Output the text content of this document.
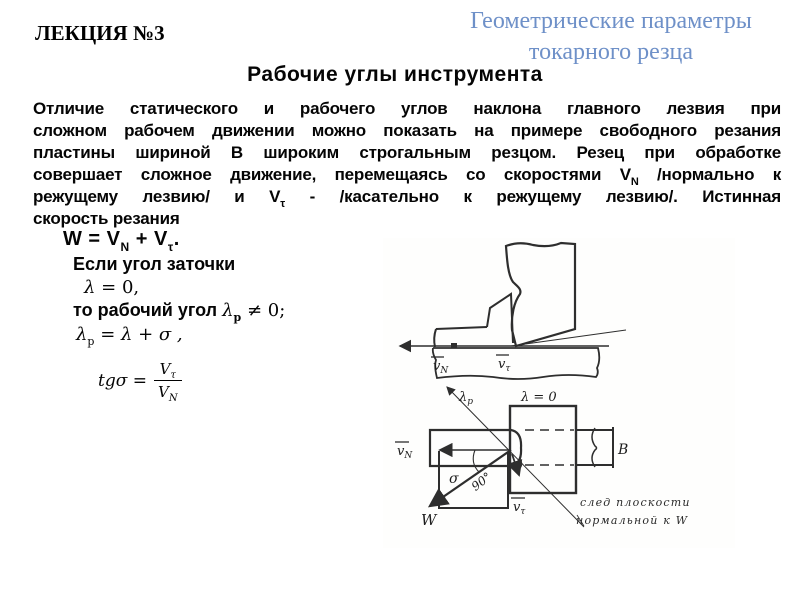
ЛЕКЦИЯ №3	Геометрические параметры
токарного резца
Рабочие углы инструмента
Отличие статического и рабочего углов наклона главного лезвия при
сложном рабочем движении можно показать на примере свободного резания
пластины шириной В широким строгальным резцом. Резец при обработке
совершает сложное движение, перемещаясь со скоростями $V_N$ /нормально к
режущему лезвию/ и $V_\tau$ - /касательно к режущему лезвию/. Истинная
скорость резания
$W = V_N + V_\tau$.
Если угол заточки
λ = 0,
то рабочий угол $\lambda_р \ne 0$;
$\lambda_р = \lambda + \sigma$ ,
$tg\sigma = \frac{V_\tau}{V_N}$	$v_N$	$v_\tau$
$\lambda_р$	λ = 0
B
$v_N$
W
σ 90°
$v_\tau$
след плоскости
нормальной к W
